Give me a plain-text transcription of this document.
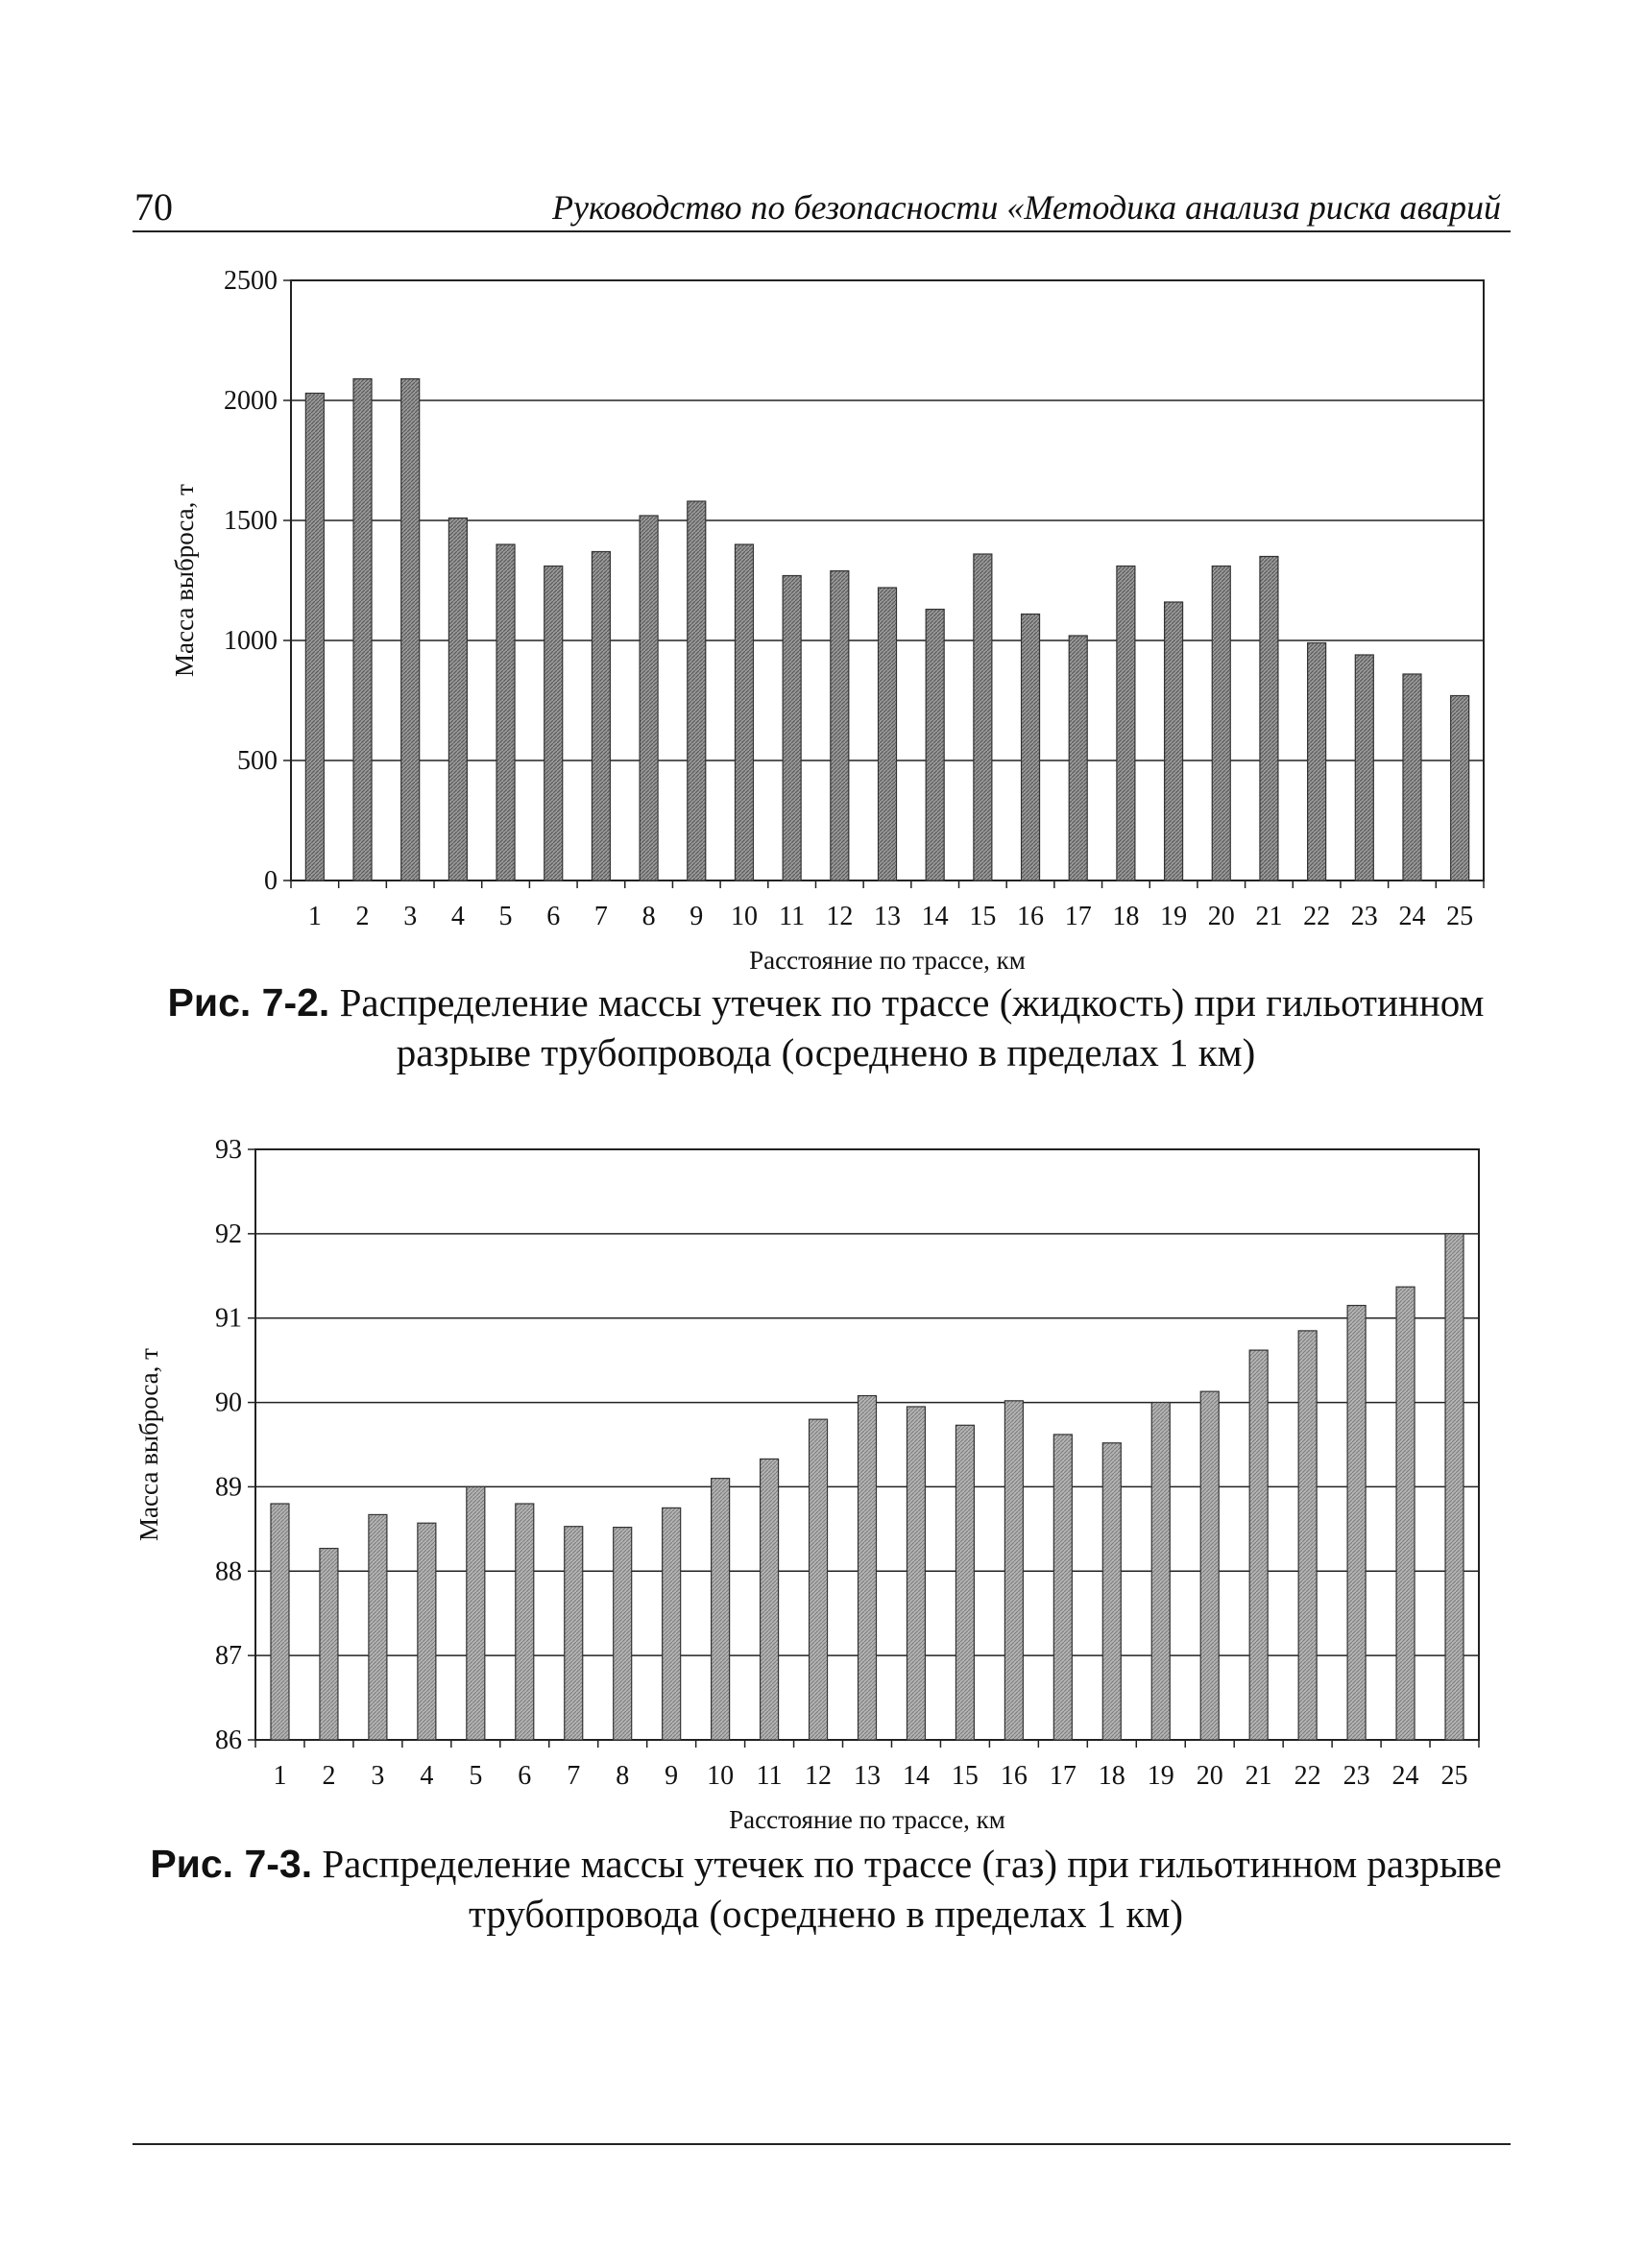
70	Руководство по безопасности «Методика анализа риска аварий
0
500
1000
1500
2000
2500
1 2 3 4 5 6 7 8 9 10 11 12 13 14 15 16 17 18 19 20 21 22 23 24 25
Расстояние по трассе, км
Масса выброса, т
Рис. 7-2. Распределение массы утечек по трассе (жидкость) при гильотинном разрыве трубопровода (осреднено в пределах 1 км)
86
87
88
89
90
91
92
93
1 2 3 4 5 6 7 8 9 10 11 12 13 14 15 16 17 18 19 20 21 22 23 24 25
Расстояние по трассе, км
Масса выброса, т
Рис. 7-3. Распределение массы утечек по трассе (газ) при гильотинном разрыве трубопровода (осреднено в пределах 1 км)
